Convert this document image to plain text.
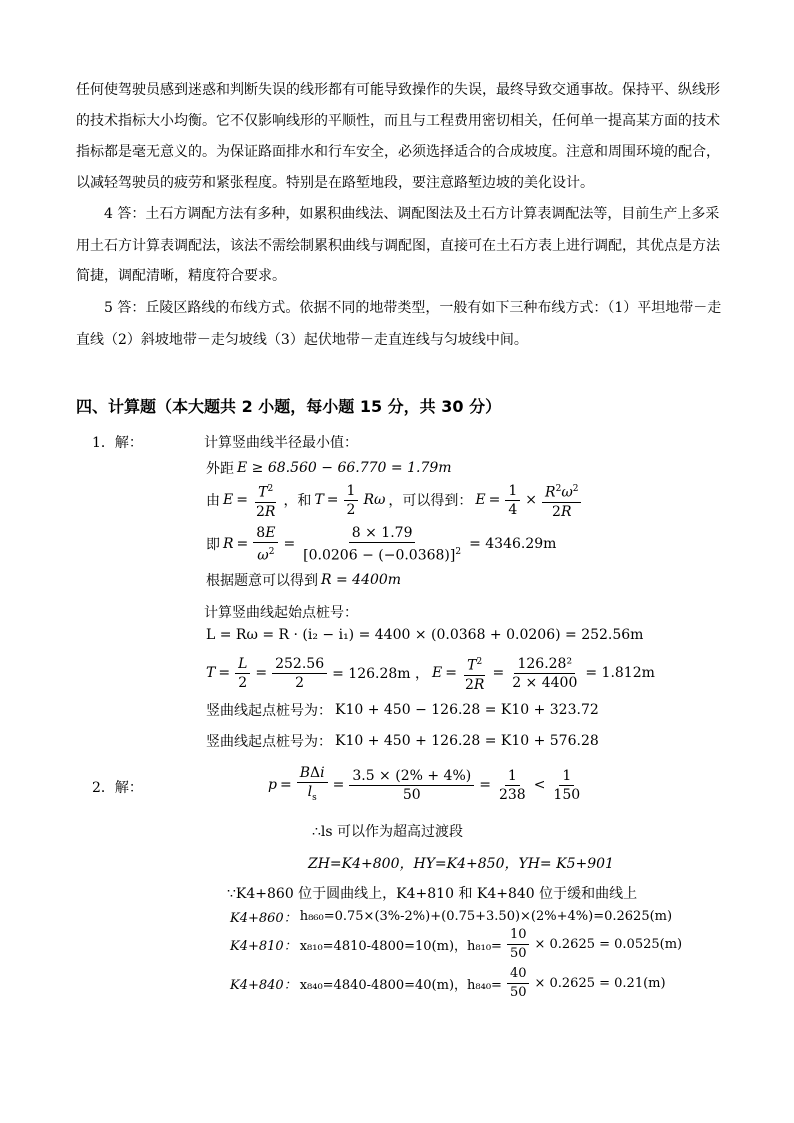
任何使驾驶员感到迷惑和判断失误的线形都有可能导致操作的失误，最终导致交通事故。保持平、纵线形
的技术指标大小均衡。它不仅影响线形的平顺性，而且与工程费用密切相关，任何单一提高某方面的技术
指标都是毫无意义的。为保证路面排水和行车安全，必须选择适合的合成坡度。注意和周围环境的配合，
以减轻驾驶员的疲劳和紧张程度。特别是在路堑地段，要注意路堑边坡的美化设计。
4 答：土石方调配方法有多种，如累积曲线法、调配图法及土石方计算表调配法等，目前生产上多采
用土石方计算表调配法，该法不需绘制累积曲线与调配图，直接可在土石方表上进行调配，其优点是方法
简捷，调配清晰，精度符合要求。
5 答：丘陵区路线的布线方式。依据不同的地带类型，一般有如下三种布线方式：（1）平坦地带－走
直线（2）斜坡地带－走匀坡线（3）起伏地带－走直连线与匀坡线中间。
四、计算题（本大题共 2 小题，每小题 15 分，共 30 分）
1．解：	计算竖曲线半径最小值：
外距 E ≥ 68.560 − 66.770 = 1.79m
由 $E = \frac{T^2}{2R}$ ，和 $T = \frac{1}{2}$ Rω ，可以得到： $E = \frac{1}{4} \times \frac{R^2\omega^2}{2R}$
即 $R = \frac{8E}{\omega^2} = \frac{8 \times 1.79}{[0.0206 - (-0.0368)]^2} = 4346.29m$
根据题意可以得到 R = 4400m
计算竖曲线起始点桩号：
L = Rω = R · (i₂ − i₁) = 4400 × (0.0368 + 0.0206) = 252.56m
$T = \frac{L}{2} = \frac{252.56}{2} = 126.28m$ ， $E = \frac{T^2}{2R} = \frac{\text{126.28²}}{2 \times 4400} = 1.812m$
竖曲线起点桩号为： K10 + 450 − 126.28 = K10 + 323.72
竖曲线起点桩号为： K10 + 450 + 126.28 = K10 + 576.28
2．解：	$p = \frac{\text{BΔi}}{l_s} = \frac{3.5 \times (2\% + 4\%)}{50} = \frac{1}{238} < \frac{1}{150}$
∴ls 可以作为超高过渡段
ZH=K4+800，HY=K4+850，YH= K5+901
∵K4+860 位于圆曲线上，K4+810 和 K4+840 位于缓和曲线上
K4+860： h₈₆₀=0.75×(3%-2%)+(0.75+3.50)×(2%+4%)=0.2625(m)
K4+810： x₈₁₀=4810-4800=10(m)，$h_{810}= \frac{10}{50} \times 0.2625 = 0.0525(m)$
K4+840： x₈₄₀=4840-4800=40(m)，$h_{840}= \frac{40}{50} \times 0.2625 = 0.21(m)$
